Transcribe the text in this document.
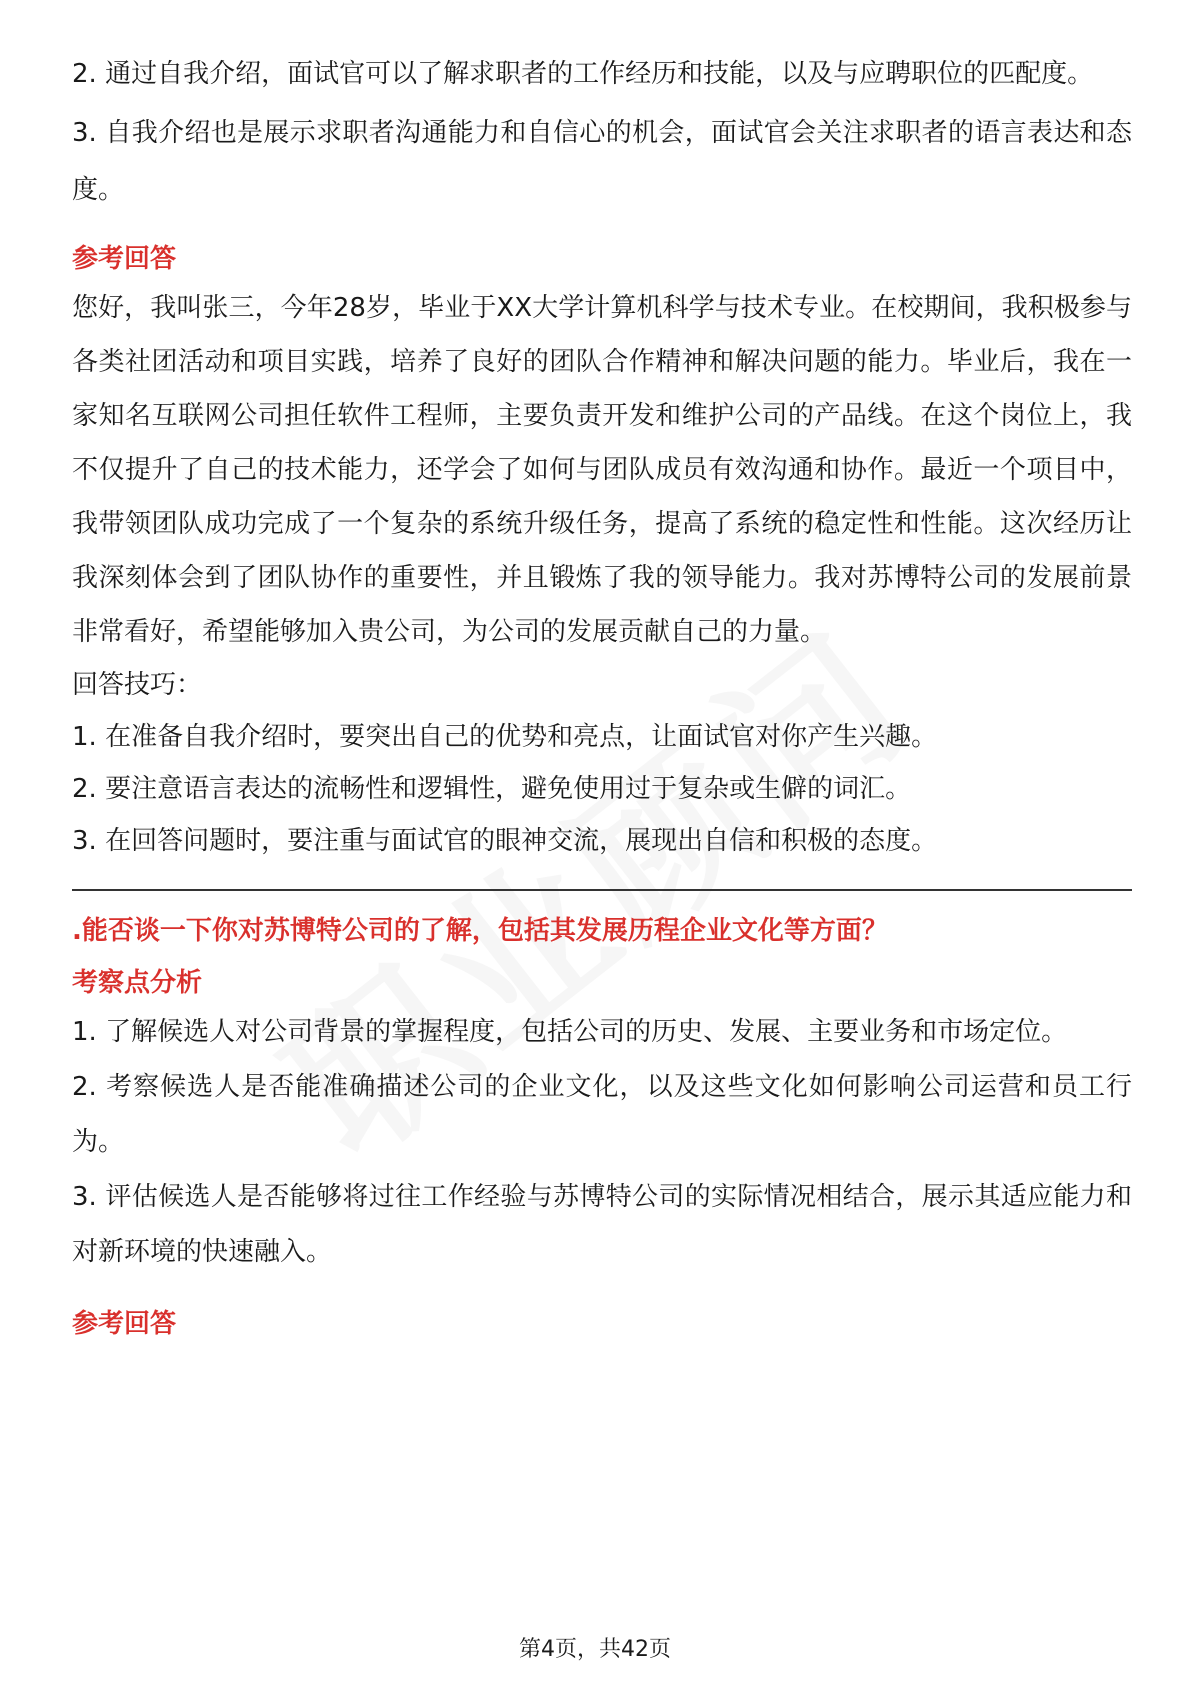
2. 通过自我介绍，面试官可以了解求职者的工作经历和技能，以及与应聘职位的匹配度。

3. 自我介绍也是展示求职者沟通能力和自信心的机会，面试官会关注求职者的语言表达和态度。

参考回答

您好，我叫张三，今年28岁，毕业于XX大学计算机科学与技术专业。在校期间，我积极参与各类社团活动和项目实践，培养了良好的团队合作精神和解决问题的能力。毕业后，我在一家知名互联网公司担任软件工程师，主要负责开发和维护公司的产品线。在这个岗位上，我不仅提升了自己的技术能力，还学会了如何与团队成员有效沟通和协作。最近一个项目中，我带领团队成功完成了一个复杂的系统升级任务，提高了系统的稳定性和性能。这次经历让我深刻体会到了团队协作的重要性，并且锻炼了我的领导能力。我对苏博特公司的发展前景非常看好，希望能够加入贵公司，为公司的发展贡献自己的力量。

回答技巧：

1. 在准备自我介绍时，要突出自己的优势和亮点，让面试官对你产生兴趣。

2. 要注意语言表达的流畅性和逻辑性，避免使用过于复杂或生僻的词汇。

3. 在回答问题时，要注重与面试官的眼神交流，展现出自信和积极的态度。

.能否谈一下你对苏博特公司的了解，包括其发展历程企业文化等方面？

考察点分析

1. 了解候选人对公司背景的掌握程度，包括公司的历史、发展、主要业务和市场定位。

2. 考察候选人是否能准确描述公司的企业文化，以及这些文化如何影响公司运营和员工行为。

3. 评估候选人是否能够将过往工作经验与苏博特公司的实际情况相结合，展示其适应能力和对新环境的快速融入。

参考回答

第4页，共42页
